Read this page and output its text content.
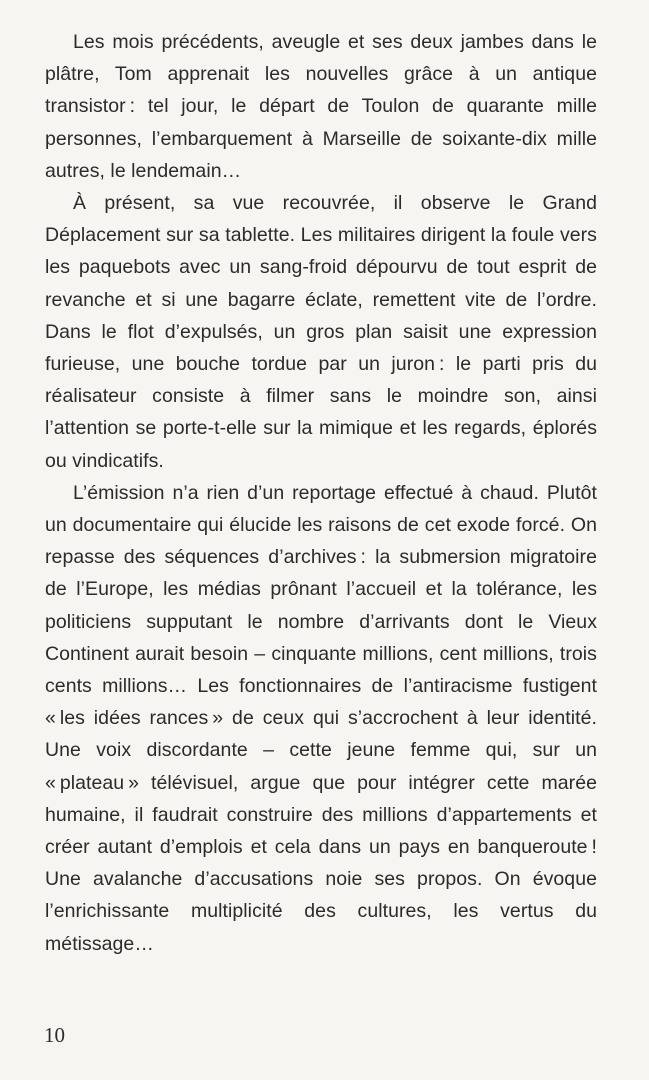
Les mois précédents, aveugle et ses deux jambes dans le plâtre, Tom apprenait les nouvelles grâce à un antique transistor : tel jour, le départ de Toulon de quarante mille personnes, l’embarquement à Marseille de soixante-dix mille autres, le lendemain…

À présent, sa vue recouvrée, il observe le Grand Déplacement sur sa tablette. Les militaires dirigent la foule vers les paquebots avec un sang-froid dépourvu de tout esprit de revanche et si une bagarre éclate, remettent vite de l’ordre. Dans le flot d’expulsés, un gros plan saisit une expression furieuse, une bouche tordue par un juron : le parti pris du réalisateur consiste à filmer sans le moindre son, ainsi l’attention se porte-t-elle sur la mimique et les regards, éplorés ou vindicatifs.

L’émission n’a rien d’un reportage effectué à chaud. Plutôt un documentaire qui élucide les raisons de cet exode forcé. On repasse des séquences d’archives : la submersion migratoire de l’Europe, les médias prônant l’accueil et la tolérance, les politiciens supputant le nombre d’arrivants dont le Vieux Continent aurait besoin – cinquante millions, cent millions, trois cents millions… Les fonctionnaires de l’antiracisme fustigent « les idées rances » de ceux qui s’accrochent à leur identité. Une voix discordante – cette jeune femme qui, sur un « plateau » télévisuel, argue que pour intégrer cette marée humaine, il faudrait construire des millions d’appartements et créer autant d’emplois et cela dans un pays en banqueroute ! Une avalanche d’accusations noie ses propos. On évoque l’enrichissante multiplicité des cultures, les vertus du métissage…

10
